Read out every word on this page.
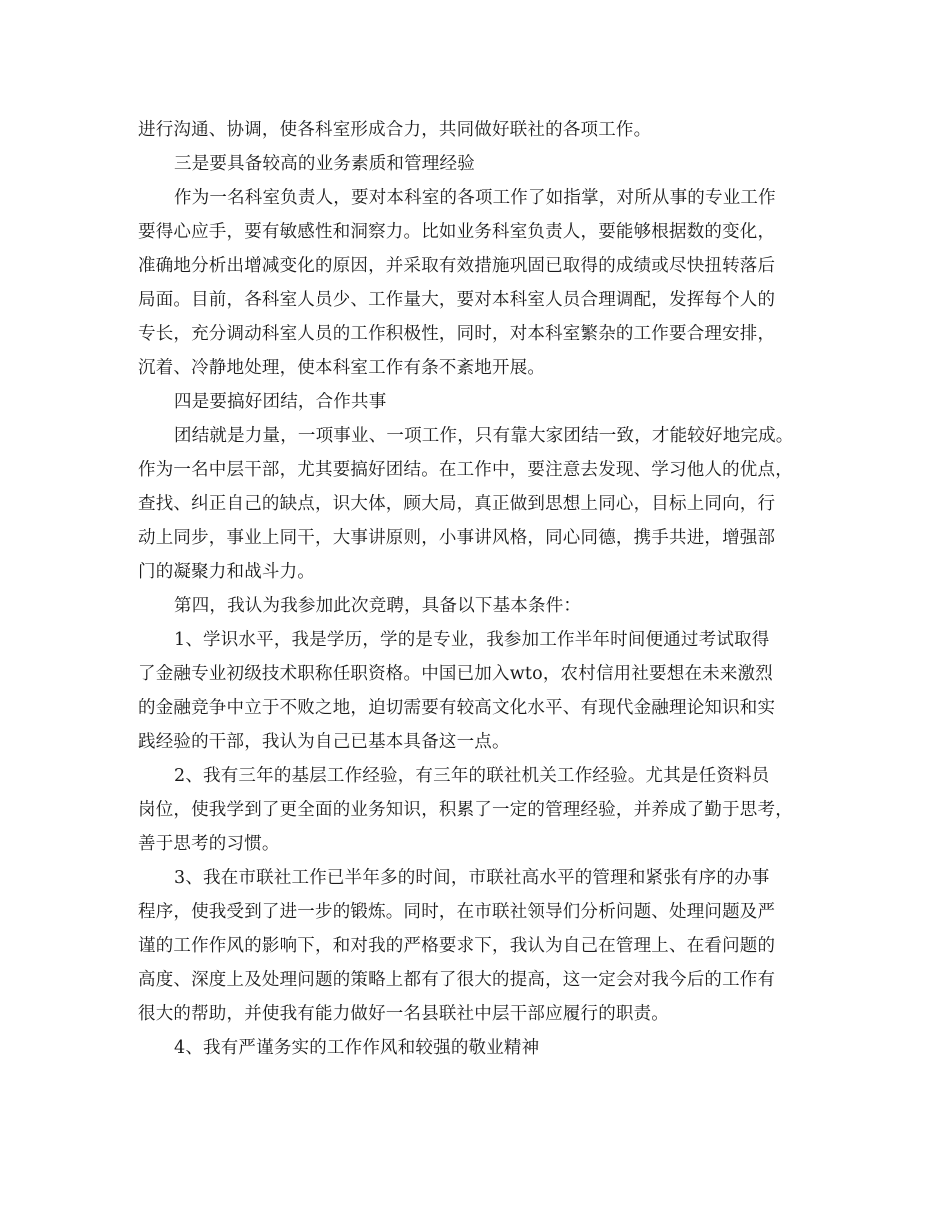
进行沟通、协调，使各科室形成合力，共同做好联社的各项工作。
三是要具备较高的业务素质和管理经验
作为一名科室负责人，要对本科室的各项工作了如指掌，对所从事的专业工作
要得心应手，要有敏感性和洞察力。比如业务科室负责人，要能够根据数的变化，
准确地分析出增减变化的原因，并采取有效措施巩固已取得的成绩或尽快扭转落后
局面。目前，各科室人员少、工作量大，要对本科室人员合理调配，发挥每个人的
专长，充分调动科室人员的工作积极性，同时，对本科室繁杂的工作要合理安排，
沉着、冷静地处理，使本科室工作有条不紊地开展。
四是要搞好团结，合作共事
团结就是力量，一项事业、一项工作，只有靠大家团结一致，才能较好地完成。
作为一名中层干部，尤其要搞好团结。在工作中，要注意去发现、学习他人的优点，
查找、纠正自己的缺点，识大体，顾大局，真正做到思想上同心，目标上同向，行
动上同步，事业上同干，大事讲原则，小事讲风格，同心同德，携手共进，增强部
门的凝聚力和战斗力。
第四，我认为我参加此次竞聘，具备以下基本条件：
1、学识水平，我是学历，学的是专业，我参加工作半年时间便通过考试取得
了金融专业初级技术职称任职资格。中国已加入wto，农村信用社要想在未来激烈
的金融竞争中立于不败之地，迫切需要有较高文化水平、有现代金融理论知识和实
践经验的干部，我认为自己已基本具备这一点。
2、我有三年的基层工作经验，有三年的联社机关工作经验。尤其是任资料员
岗位，使我学到了更全面的业务知识，积累了一定的管理经验，并养成了勤于思考，
善于思考的习惯。
3、我在市联社工作已半年多的时间，市联社高水平的管理和紧张有序的办事
程序，使我受到了进一步的锻炼。同时，在市联社领导们分析问题、处理问题及严
谨的工作作风的影响下，和对我的严格要求下，我认为自己在管理上、在看问题的
高度、深度上及处理问题的策略上都有了很大的提高，这一定会对我今后的工作有
很大的帮助，并使我有能力做好一名县联社中层干部应履行的职责。
4、我有严谨务实的工作作风和较强的敬业精神
